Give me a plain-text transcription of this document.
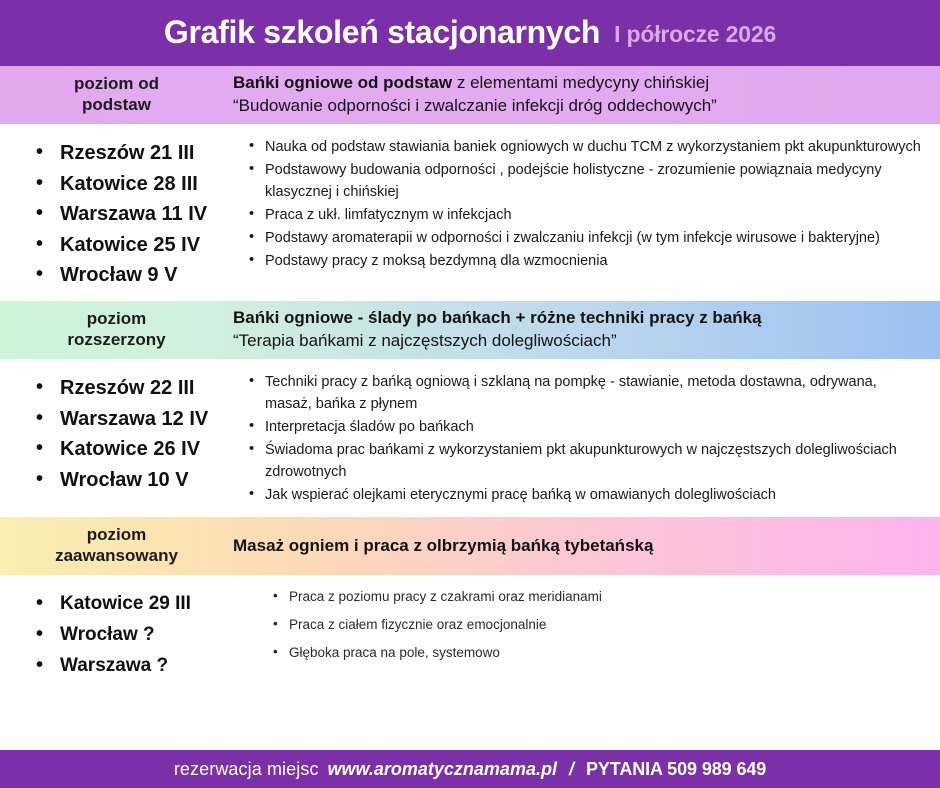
Grafik szkoleń stacjonarnych I półrocze 2026
poziom od
podstaw
Bańki ogniowe od podstaw z elementami medycyny chińskiej
“Budowanie odporności i zwalczanie infekcji dróg oddechowych”
• Rzeszów 21 III
• Katowice 28 III
• Warszawa 11 IV
• Katowice 25 IV
• Wrocław 9 V
• Nauka od podstaw stawiania baniek ogniowych w duchu TCM z wykorzystaniem pkt akupunkturowych
• Podstawowy budowania odporności , podejście holistyczne - zrozumienie powiąznaia medycyny klasycznej i chińskiej
• Praca z ukł. limfatycznym w infekcjach
• Podstawy aromaterapii w odporności i zwalczaniu infekcji (w tym infekcje wirusowe i bakteryjne)
• Podstawy pracy z moksą bezdymną dla wzmocnienia
poziom
rozszerzony
Bańki ogniowe - ślady po bańkach + różne techniki pracy z bańką
“Terapia bańkami z najczęstszych dolegliwościach”
• Rzeszów 22 III
• Warszawa 12 IV
• Katowice 26 IV
• Wrocław 10 V
• Techniki pracy z bańką ogniową i szklaną na pompkę - stawianie, metoda dostawna, odrywana, masaż, bańka z płynem
• Interpretacja śladów po bańkach
• Świadoma prac bańkami z wykorzystaniem pkt akupunkturowych w najczęstszych dolegliwościach zdrowotnych
• Jak wspierać olejkami eterycznymi pracę bańką w omawianych dolegliwościach
poziom
zaawansowany
Masaż ogniem i praca z olbrzymią bańką tybetańską
• Katowice 29 III
• Wrocław ?
• Warszawa ?
• Praca z poziomu pracy z czakrami oraz meridianami
• Praca z ciałem fizycznie oraz emocjonalnie
• Głęboka praca na pole, systemowo
rezerwacja miejsc www.aromatycznamama.pl / PYTANIA 509 989 649
